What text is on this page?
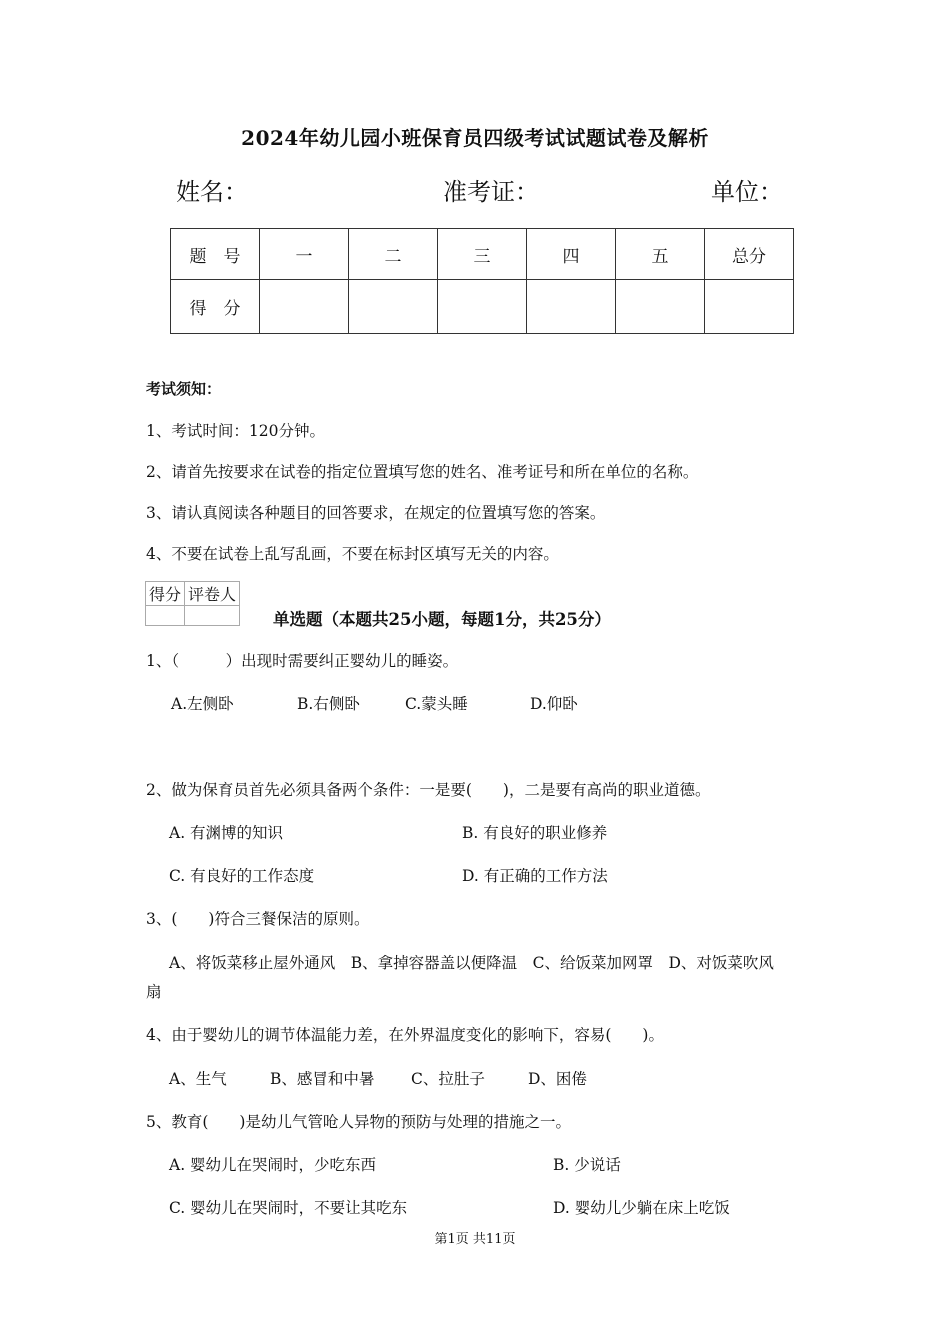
2024年幼儿园小班保育员四级考试试题试卷及解析
姓名：	准考证：	单位：
题　号	一	二	三	四	五	总分
得　分						
考试须知：
1、考试时间：120分钟。
2、请首先按要求在试卷的指定位置填写您的姓名、准考证号和所在单位的名称。
3、请认真阅读各种题目的回答要求，在规定的位置填写您的答案。
4、不要在试卷上乱写乱画，不要在标封区填写无关的内容。
得分	评卷人

单选题（本题共25小题，每题1分，共25分）
1、（　　　）出现时需要纠正婴幼儿的睡姿。
A.左侧卧	B.右侧卧	C.蒙头睡	D.仰卧
2、做为保育员首先必须具备两个条件：一是要(　　)，二是要有高尚的职业道德。
A. 有渊博的知识	B. 有良好的职业修养
C. 有良好的工作态度	D. 有正确的工作方法
3、(　　)符合三餐保洁的原则。
A、将饭菜移止屋外通风　B、拿掉容器盖以便降温　C、给饭菜加网罩　D、对饭菜吹风
扇
4、由于婴幼儿的调节体温能力差，在外界温度变化的影响下，容易(　　)。
A、生气	B、感冒和中暑 C、拉肚子	D、困倦
5、教育(　　)是幼儿气管呛人异物的预防与处理的措施之一。
A. 婴幼儿在哭闹时，少吃东西	B. 少说话
C. 婴幼儿在哭闹时，不要让其吃东	D. 婴幼儿少躺在床上吃饭
第1页 共11页
